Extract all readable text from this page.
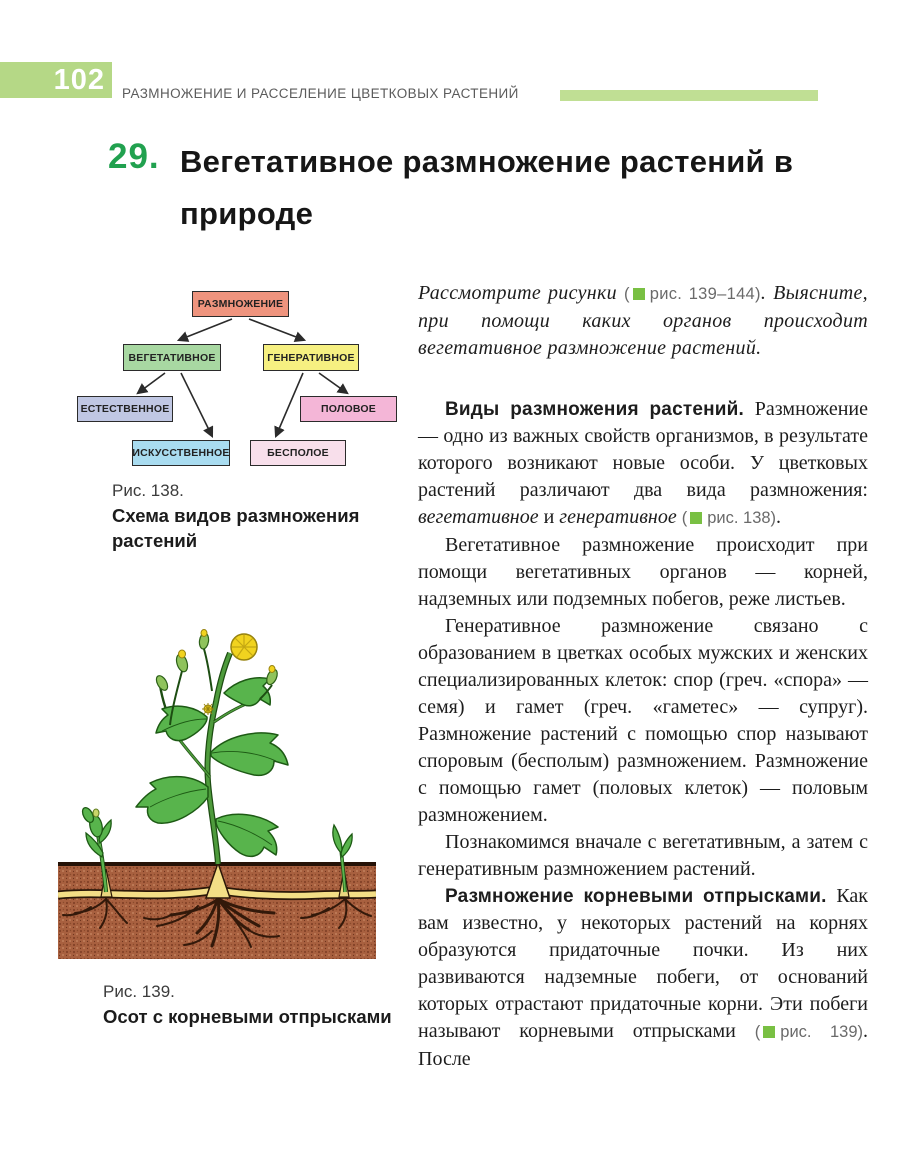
102	РАЗМНОЖЕНИЕ И РАССЕЛЕНИЕ ЦВЕТКОВЫХ РАСТЕНИЙ
29. Вегетативное размножение растений в природе
РАЗМНОЖЕНИЕ
ВЕГЕТАТИВНОЕ	ГЕНЕРАТИВНОЕ
ЕСТЕСТВЕННОЕ	ПОЛОВОЕ
ИСКУССТВЕННОЕ	БЕСПОЛОЕ
Рис. 138.
Схема видов размножения растений
Рис. 139.
Осот с корневыми отпрысками

Рассмотрите рисунки ( рис. 139–144). Выясните, при помощи каких органов происходит вегетативное размножение растений.

Виды размножения растений. Размножение — одно из важных свойств организмов, в результате которого возникают новые особи. У цветковых растений различают два вида размножения: вегетативное и генеративное ( рис. 138).

Вегетативное размножение происходит при помощи вегетативных органов — корней, надземных или подземных побегов, реже листьев.

Генеративное размножение связано с образованием в цветках особых мужских и женских специализированных клеток: спор (греч. «спора» — семя) и гамет (греч. «гаметес» — супруг). Размножение растений с помощью спор называют споровым (бесполым) размножением. Размножение с помощью гамет (половых клеток) — половым размножением.

Познакомимся вначале с вегетативным, а затем с генеративным размножением растений.

Размножение корневыми отпрысками. Как вам известно, у некоторых растений на корнях образуются придаточные почки. Из них развиваются надземные побеги, от оснований которых отрастают придаточные корни. Эти побеги называют корневыми отпрысками ( рис. 139). После
